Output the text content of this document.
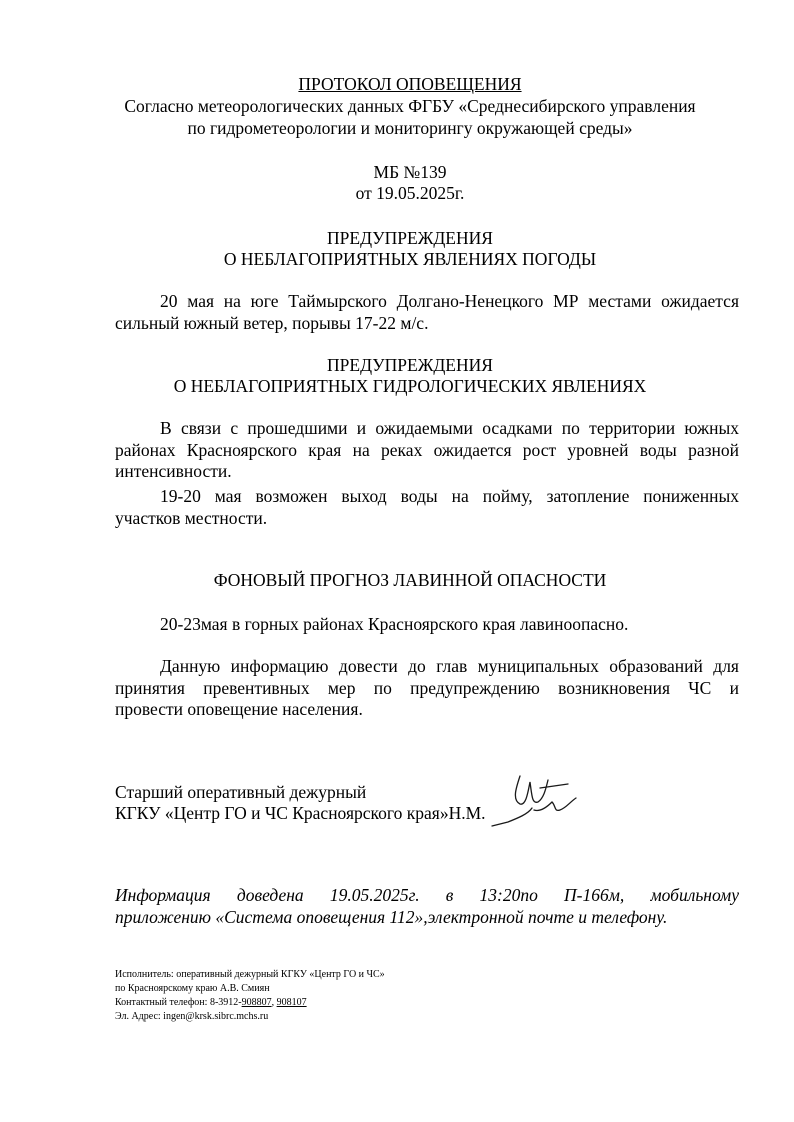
ПРОТОКОЛ ОПОВЕЩЕНИЯ
Согласно метеорологических данных ФГБУ «Среднесибирского управления
по гидрометеорологии и мониторингу окружающей среды»
МБ №139
от 19.05.2025г.
ПРЕДУПРЕЖДЕНИЯ
О НЕБЛАГОПРИЯТНЫХ ЯВЛЕНИЯХ ПОГОДЫ
20 мая на юге Таймырского Долгано-Ненецкого МР местами ожидается
сильный южный ветер, порывы 17-22 м/с.
ПРЕДУПРЕЖДЕНИЯ
О НЕБЛАГОПРИЯТНЫХ ГИДРОЛОГИЧЕСКИХ ЯВЛЕНИЯХ
В связи с прошедшими и ожидаемыми осадками по территории южных
районах Красноярского края на реках ожидается рост уровней воды разной
интенсивности.
19-20 мая возможен выход воды на пойму, затопление пониженных
участков местности.
ФОНОВЫЙ ПРОГНОЗ ЛАВИННОЙ ОПАСНОСТИ
20-23мая в горных районах Красноярского края лавиноопасно.
Данную информацию довести до глав муниципальных образований для
принятия превентивных мер по предупреждению возникновения ЧС и
провести оповещение населения.
Старший оперативный дежурный
КГКУ «Центр ГО и ЧС Красноярского края»Н.М.
Информация доведена 19.05.2025г. в 13:20по П-166м, мобильному
приложению «Система оповещения 112»,электронной почте и телефону.
Исполнитель: оперативный дежурный КГКУ «Центр ГО и ЧС»
по Красноярскому краю А.В. Смиян
Контактный телефон: 8-3912-908807, 908107
Эл. Адрес: ingen@krsk.sibrc.mchs.ru
